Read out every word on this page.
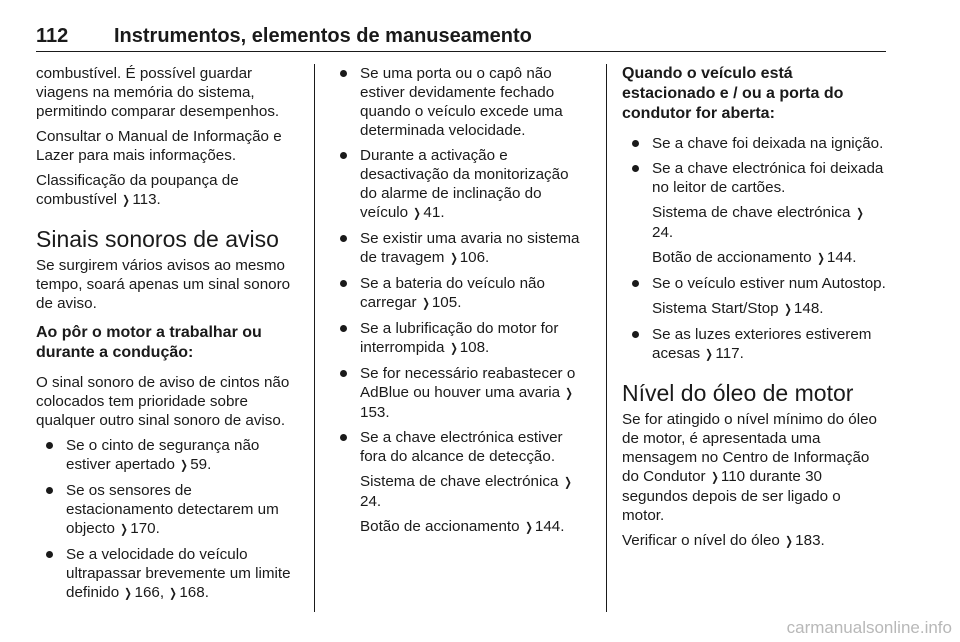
112	Instrumentos, elementos de manuseamento

combustível. É possível guardar viagens na memória do sistema, permitindo comparar desempenhos.

Consultar o Manual de Informação e Lazer para mais informações.

Classificação da poupança de combustível ❯ 113.

Sinais sonoros de aviso

Se surgirem vários avisos ao mesmo tempo, soará apenas um sinal sonoro de aviso.

Ao pôr o motor a trabalhar ou durante a condução:

O sinal sonoro de aviso de cintos não colocados tem prioridade sobre qualquer outro sinal sonoro de aviso.

Se o cinto de segurança não estiver apertado ❯ 59.
Se os sensores de estacionamento detectarem um objecto ❯ 170.
Se a velocidade do veículo ultrapassar brevemente um limite definido ❯ 166, ❯ 168.
Se uma porta ou o capô não estiver devidamente fechado quando o veículo excede uma determinada velocidade.
Durante a activação e desactivação da monitorização do alarme de inclinação do veículo ❯ 41.
Se existir uma avaria no sistema de travagem ❯ 106.
Se a bateria do veículo não carregar ❯ 105.
Se a lubrificação do motor for interrompida ❯ 108.
Se for necessário reabastecer o AdBlue ou houver uma avaria ❯153.
Se a chave electrónica estiver fora do alcance de detecção.

Sistema de chave electrónica ❯24.

Botão de accionamento ❯ 144.

Quando o veículo está estacionado e / ou a porta do condutor for aberta:
Se a chave foi deixada na ignição.
Se a chave electrónica foi deixada no leitor de cartões.

Sistema de chave electrónica ❯24.

Botão de accionamento ❯ 144.

Se o veículo estiver num Autostop.

Sistema Start/Stop ❯ 148.

Se as luzes exteriores estiverem acesas ❯ 117.
Nível do óleo de motor

Se for atingido o nível mínimo do óleo de motor, é apresentada uma mensagem no Centro de Informação do Condutor ❯ 110 durante 30 segundos depois de ser ligado o motor.

Verificar o nível do óleo ❯ 183.

carmanualsonline.info
